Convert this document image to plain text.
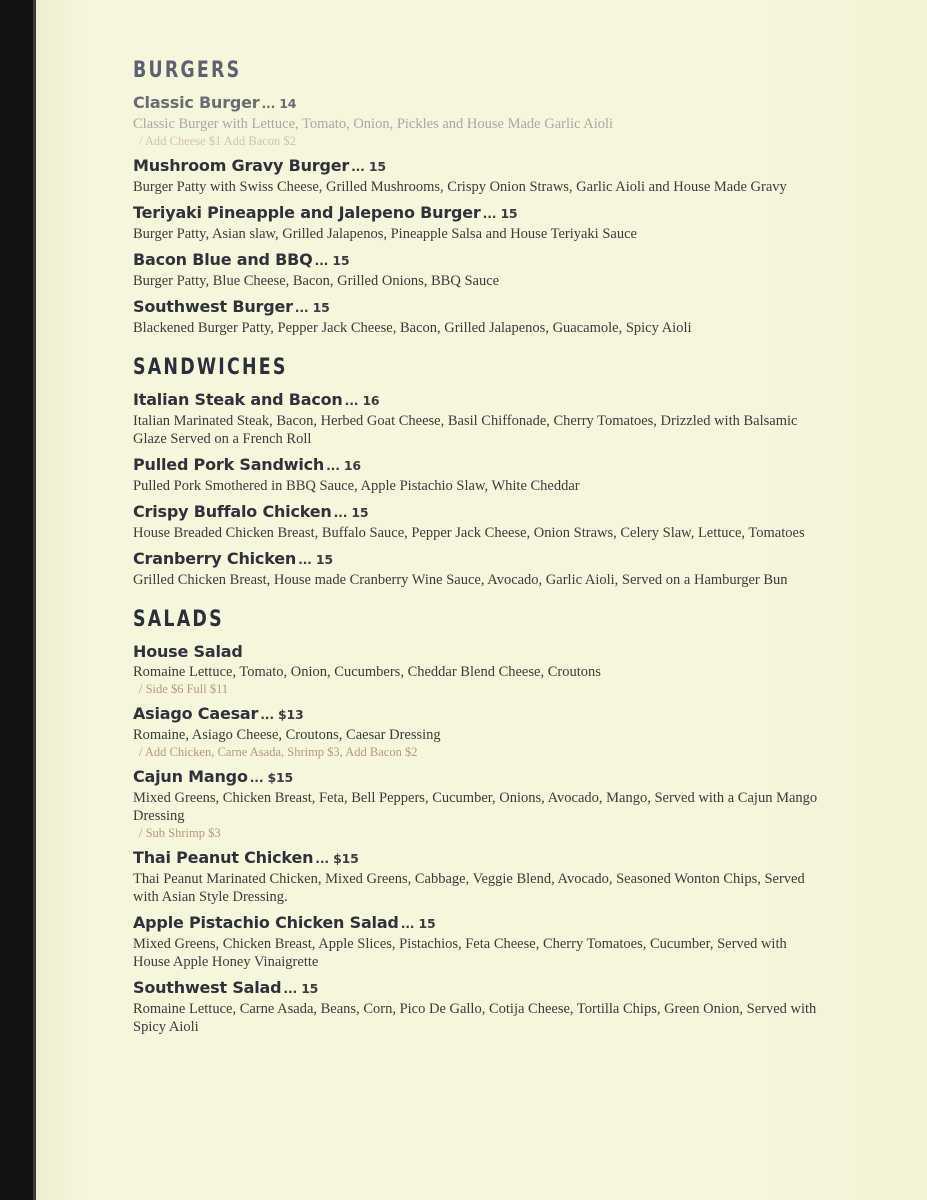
BURGERS
Classic Burger ... 14
Classic Burger with Lettuce, Tomato, Onion, Pickles and House Made Garlic Aioli
/ Add Cheese $1 Add Bacon $2
Mushroom Gravy Burger ... 15
Burger Patty with Swiss Cheese, Grilled Mushrooms, Crispy Onion Straws, Garlic Aioli and House Made Gravy
Teriyaki Pineapple and Jalepeno Burger ... 15
Burger Patty, Asian slaw, Grilled Jalapenos, Pineapple Salsa and House Teriyaki Sauce
Bacon Blue and BBQ ... 15
Burger Patty, Blue Cheese, Bacon, Grilled Onions, BBQ Sauce
Southwest Burger ... 15
Blackened Burger Patty, Pepper Jack Cheese, Bacon, Grilled Jalapenos, Guacamole, Spicy Aioli
SANDWICHES
Italian Steak and Bacon ... 16
Italian Marinated Steak, Bacon, Herbed Goat Cheese, Basil Chiffonade, Cherry Tomatoes, Drizzled with Balsamic Glaze Served on a French Roll
Pulled Pork Sandwich ... 16
Pulled Pork Smothered in BBQ Sauce, Apple Pistachio Slaw, White Cheddar
Crispy Buffalo Chicken ... 15
House Breaded Chicken Breast, Buffalo Sauce, Pepper Jack Cheese, Onion Straws, Celery Slaw, Lettuce, Tomatoes
Cranberry Chicken ... 15
Grilled Chicken Breast, House made Cranberry Wine Sauce, Avocado, Garlic Aioli, Served on a Hamburger Bun
SALADS
House Salad
Romaine Lettuce, Tomato, Onion, Cucumbers, Cheddar Blend Cheese, Croutons
/ Side $6 Full $11
Asiago Caesar ... $13
Romaine, Asiago Cheese, Croutons, Caesar Dressing
/ Add Chicken, Carne Asada, Shrimp $3, Add Bacon $2
Cajun Mango ... $15
Mixed Greens, Chicken Breast, Feta, Bell Peppers, Cucumber, Onions, Avocado, Mango, Served with a Cajun Mango Dressing
/ Sub Shrimp $3
Thai Peanut Chicken ... $15
Thai Peanut Marinated Chicken, Mixed Greens, Cabbage, Veggie Blend, Avocado, Seasoned Wonton Chips, Served with Asian Style Dressing.
Apple Pistachio Chicken Salad ... 15
Mixed Greens, Chicken Breast, Apple Slices, Pistachios, Feta Cheese, Cherry Tomatoes, Cucumber, Served with House Apple Honey Vinaigrette
Southwest Salad ... 15
Romaine Lettuce, Carne Asada, Beans, Corn, Pico De Gallo, Cotija Cheese, Tortilla Chips, Green Onion, Served with Spicy Aioli
